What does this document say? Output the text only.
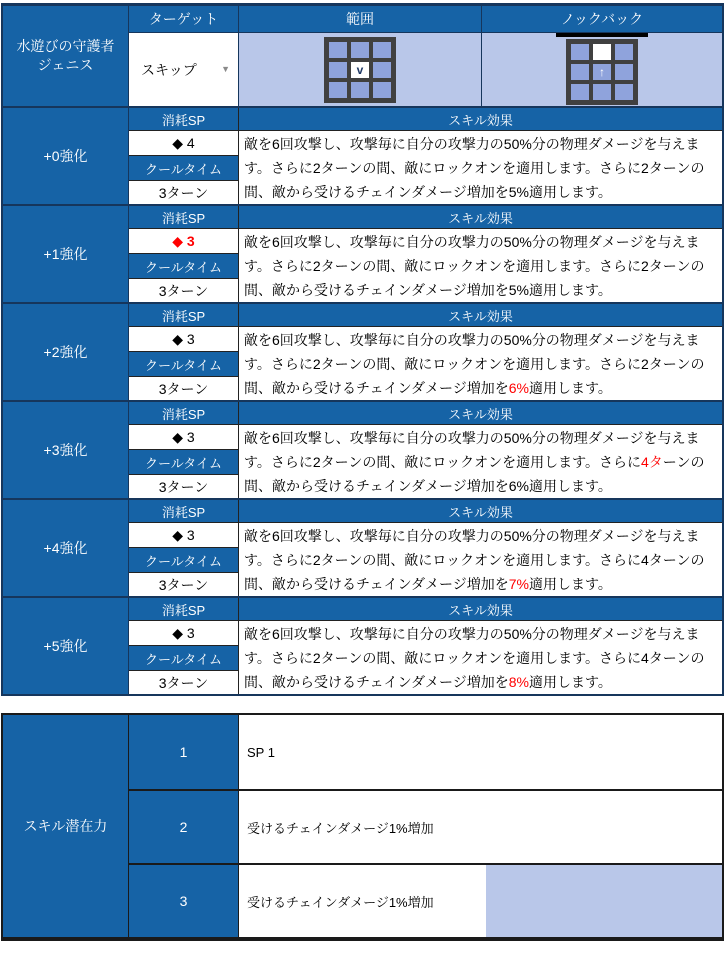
水遊びの守護者
ジェニス
ターゲット	範囲	ノックバック
スキップ	▼	v	↑
+0強化
消耗SP
◆ 4
クールタイム
3ターン
スキル効果
敵を6回攻撃し、攻撃毎に自分の攻撃力の50%分の物理ダメージを与えます。さらに2ターンの間、敵にロックオンを適用します。さらに2ターンの間、敵から受けるチェインダメージ増加を5%適用します。
+1強化
消耗SP
◆ 3
クールタイム
3ターン
スキル効果
敵を6回攻撃し、攻撃毎に自分の攻撃力の50%分の物理ダメージを与えます。さらに2ターンの間、敵にロックオンを適用します。さらに2ターンの間、敵から受けるチェインダメージ増加を5%適用します。
+2強化
消耗SP
◆ 3
クールタイム
3ターン
スキル効果
敵を6回攻撃し、攻撃毎に自分の攻撃力の50%分の物理ダメージを与えます。さらに2ターンの間、敵にロックオンを適用します。さらに2ターンの間、敵から受けるチェインダメージ増加を6%適用します。
+3強化
消耗SP
◆ 3
クールタイム
3ターン
スキル効果
敵を6回攻撃し、攻撃毎に自分の攻撃力の50%分の物理ダメージを与えます。さらに2ターンの間、敵にロックオンを適用します。さらに4ターンの間、敵から受けるチェインダメージ増加を6%適用します。
+4強化
消耗SP
◆ 3
クールタイム
3ターン
スキル効果
敵を6回攻撃し、攻撃毎に自分の攻撃力の50%分の物理ダメージを与えます。さらに2ターンの間、敵にロックオンを適用します。さらに4ターンの間、敵から受けるチェインダメージ増加を7%適用します。
+5強化
消耗SP
◆ 3
クールタイム
3ターン
スキル効果
敵を6回攻撃し、攻撃毎に自分の攻撃力の50%分の物理ダメージを与えます。さらに2ターンの間、敵にロックオンを適用します。さらに4ターンの間、敵から受けるチェインダメージ増加を8%適用します。
スキル潜在力
1	SP 1
2	受けるチェインダメージ1%増加
3	受けるチェインダメージ1%増加
